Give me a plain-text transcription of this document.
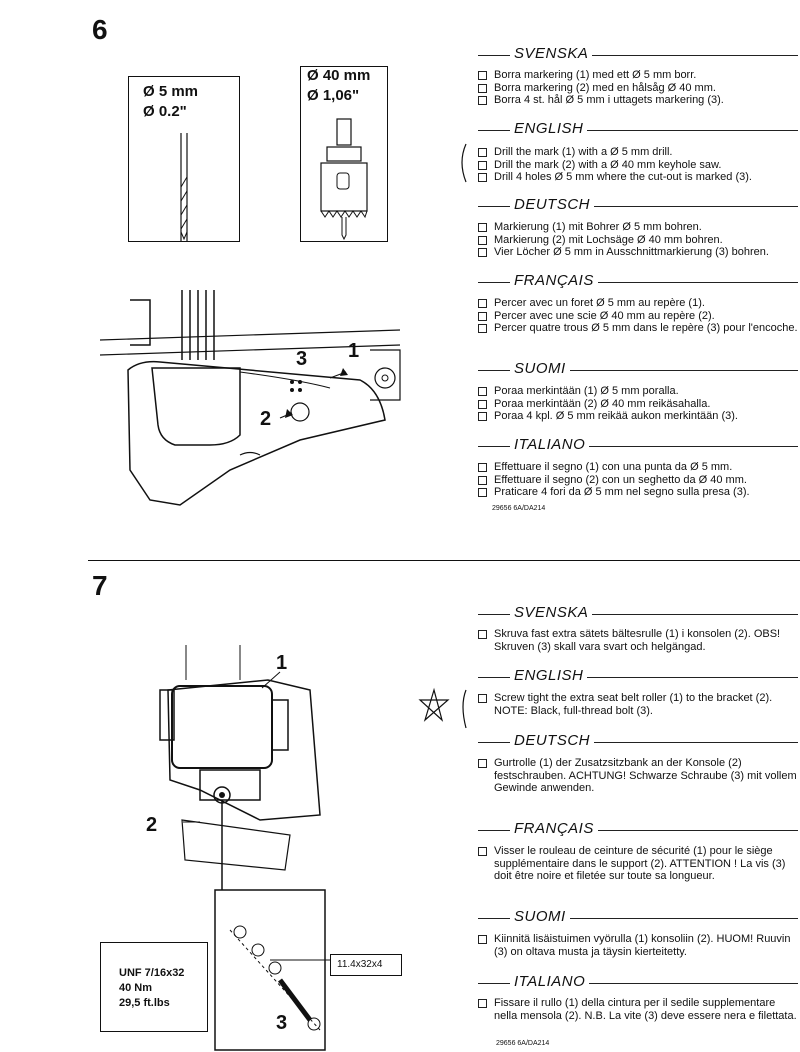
6
Ø 5 mm
Ø 0.2"
Ø 40 mm
Ø 1,06"
1
2
3
SVENSKA
Borra markering (1) med ett Ø 5 mm borr.
Borra markering (2) med en hålsåg Ø 40 mm.
Borra 4 st. hål Ø 5 mm i uttagets markering (3).
ENGLISH
Drill the mark (1) with a Ø 5 mm drill.
Drill the mark (2) with a Ø 40 mm keyhole saw.
Drill 4 holes Ø 5 mm where the cut-out is marked (3).
DEUTSCH
Markierung (1) mit Bohrer Ø 5 mm bohren.
Markierung (2) mit Lochsäge Ø 40 mm bohren.
Vier Löcher Ø 5 mm in Ausschnittmarkierung (3) bohren.
FRANÇAIS
Percer avec un foret Ø 5 mm au repère (1).
Percer avec une scie Ø 40 mm au repère (2).
Percer quatre trous Ø 5 mm dans le repère (3) pour l'encoche.
SUOMI
Poraa merkintään (1) Ø 5 mm poralla.
Poraa merkintään (2) Ø 40 mm reikäsahalla.
Poraa 4 kpl. Ø 5 mm reikää aukon merkintään (3).
ITALIANO
Effettuare il segno (1) con una punta da Ø 5 mm.
Effettuare il segno (2) con un seghetto da Ø 40 mm.
Praticare 4 fori da Ø 5 mm nel segno sulla presa (3).
29656 6A/DA214
7
1
2
3
UNF 7/16x32
40 Nm
29,5 ft.lbs
11.4x32x4
SVENSKA
Skruva fast extra sätets bältesrulle (1) i konsolen (2). OBS! Skruven (3) skall vara svart och helgängad.
ENGLISH
Screw tight the extra seat belt roller (1) to the bracket (2). NOTE: Black, full-thread bolt (3).
DEUTSCH
Gurtrolle (1) der Zusatzsitzbank an der Konsole (2) festschrauben. ACHTUNG! Schwarze Schraube (3) mit vollem Gewinde anwenden.
FRANÇAIS
Visser le rouleau de ceinture de sécurité (1) pour le siège supplémentaire dans le support (2). ATTENTION ! La vis (3) doit être noire et filetée sur toute sa longueur.
SUOMI
Kiinnitä lisäistuimen vyörulla (1) konsoliin (2). HUOM! Ruuvin (3) on oltava musta ja täysin kierteitetty.
ITALIANO
Fissare il rullo (1) della cintura per il sedile supplementare nella mensola (2). N.B. La vite (3) deve essere nera e filettata.
29656 6A/DA214
